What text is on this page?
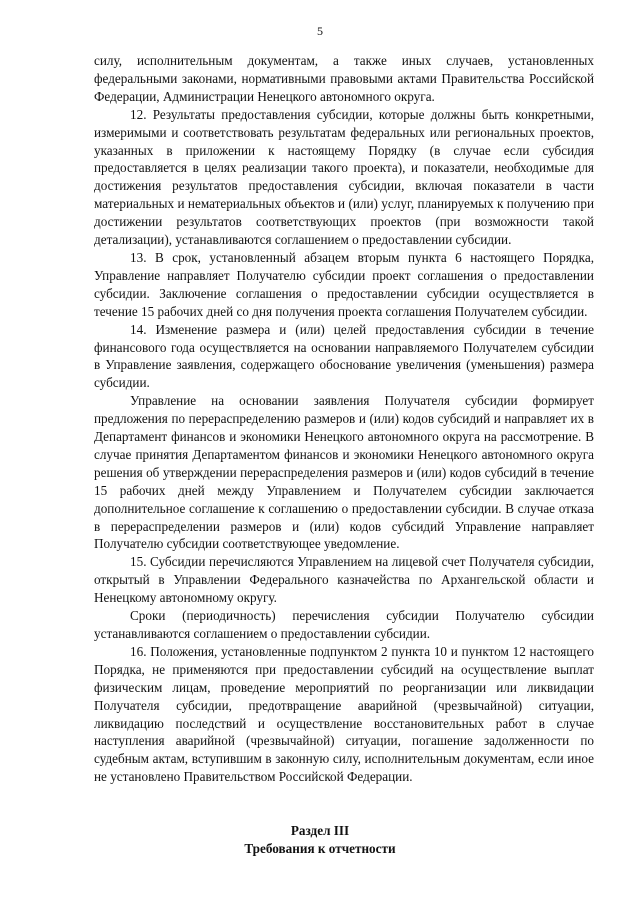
5

силу, исполнительным документам, а также иных случаев, установленных федеральными законами, нормативными правовыми актами Правительства Российской Федерации, Администрации Ненецкого автономного округа.

12. Результаты предоставления субсидии, которые должны быть конкретными, измеримыми и соответствовать результатам федеральных или региональных проектов, указанных в приложении к настоящему Порядку (в случае если субсидия предоставляется в целях реализации такого проекта), и показатели, необходимые для достижения результатов предоставления субсидии, включая показатели в части материальных и нематериальных объектов и (или) услуг, планируемых к получению при достижении результатов соответствующих проектов (при возможности такой детализации), устанавливаются соглашением о предоставлении субсидии.

13. В срок, установленный абзацем вторым пункта 6 настоящего Порядка, Управление направляет Получателю субсидии проект соглашения о предоставлении субсидии. Заключение соглашения о предоставлении субсидии осуществляется в течение 15 рабочих дней со дня получения проекта соглашения Получателем субсидии.

14. Изменение размера и (или) целей предоставления субсидии в течение финансового года осуществляется на основании направляемого Получателем субсидии в Управление заявления, содержащего обоснование увеличения (уменьшения) размера субсидии.

Управление на основании заявления Получателя субсидии формирует предложения по перераспределению размеров и (или) кодов субсидий и направляет их в Департамент финансов и экономики Ненецкого автономного округа на рассмотрение. В случае принятия Департаментом финансов и экономики Ненецкого автономного округа решения об утверждении перераспределения размеров и (или) кодов субсидий в течение 15 рабочих дней между Управлением и Получателем субсидии заключается дополнительное соглашение к соглашению о предоставлении субсидии. В случае отказа в перераспределении размеров и (или) кодов субсидий Управление направляет Получателю субсидии соответствующее уведомление.

15. Субсидии перечисляются Управлением на лицевой счет Получателя субсидии, открытый в Управлении Федерального казначейства по Архангельской области и Ненецкому автономному округу.

Сроки (периодичность) перечисления субсидии Получателю субсидии устанавливаются соглашением о предоставлении субсидии.

16. Положения, установленные подпунктом 2 пункта 10 и пунктом 12 настоящего Порядка, не применяются при предоставлении субсидий на осуществление выплат физическим лицам, проведение мероприятий по реорганизации или ликвидации Получателя субсидии, предотвращение аварийной (чрезвычайной) ситуации, ликвидацию последствий и осуществление восстановительных работ в случае наступления аварийной (чрезвычайной) ситуации, погашение задолженности по судебным актам, вступившим в законную силу, исполнительным документам, если иное не установлено Правительством Российской Федерации.

Раздел III
Требования к отчетности
